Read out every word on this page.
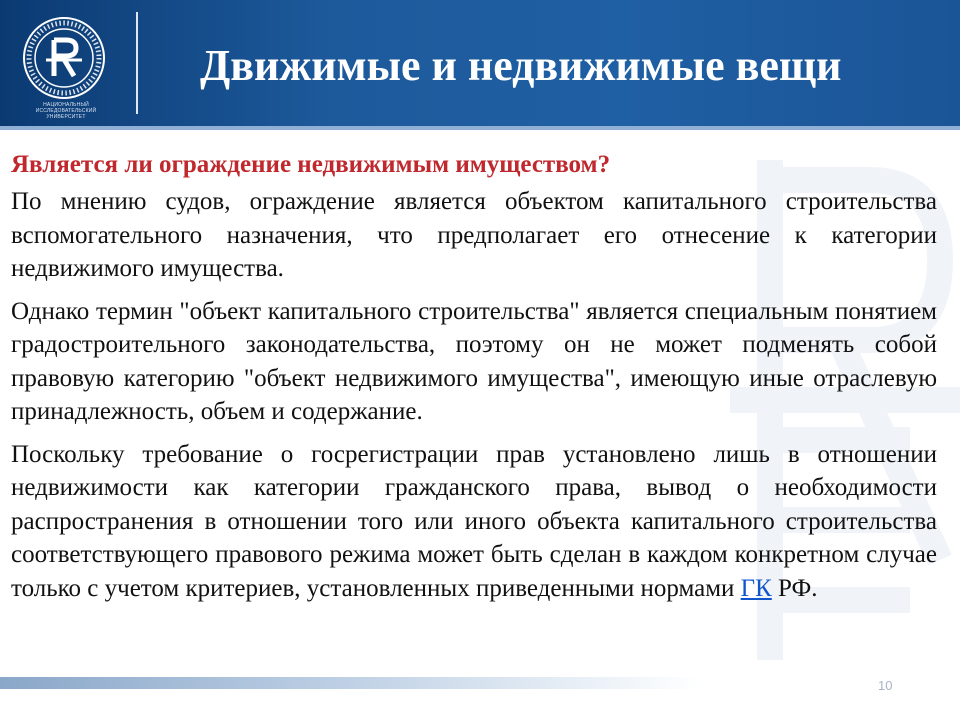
НАЦИОНАЛЬНЫЙ ИССЛЕДОВАТЕЛЬСКИЙ УНИВЕРСИТЕТ
Движимые и недвижимые вещи

Является ли ограждение недвижимым имуществом?

По мнению судов, ограждение является объектом капитального строительства вспомогательного назначения, что предполагает его отнесение к категории недвижимого имущества.

Однако термин "объект капитального строительства" является специальным понятием градостроительного законодательства, поэтому он не может подменять собой правовую категорию "объект недвижимого имущества", имеющую иные отраслевую принадлежность, объем и содержание.

Поскольку требование о госрегистрации прав установлено лишь в отношении недвижимости как категории гражданского права, вывод о необходимости распространения в отношении того или иного объекта капитального строительства соответствующего правового режима может быть сделан в каждом конкретном случае только с учетом критериев, установленных приведенными нормами ГК РФ.

10
